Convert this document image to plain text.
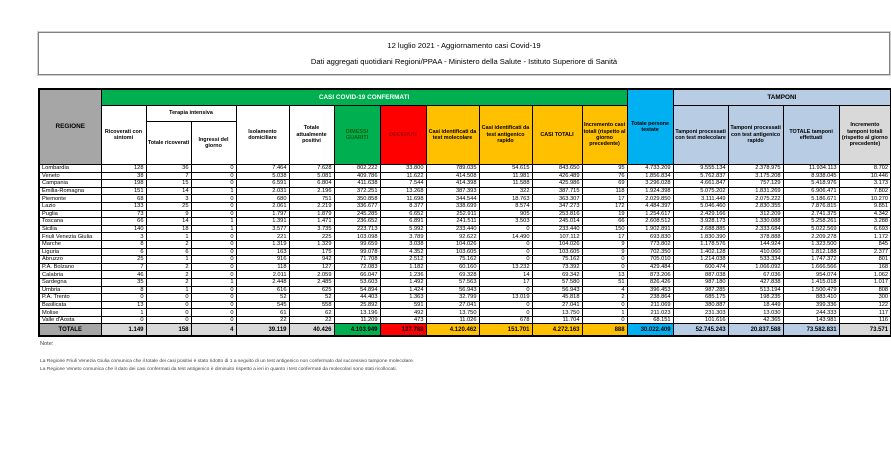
12 luglio 2021 - Aggiornamento casi Covid-19
Dati aggregati quotidiani Regioni/PPAA - Ministero della Salute - Istituto Superiore di Sanità
REGIONE	CASI COVID-19 CONFERMATI											Totale persone testate	TAMPONI			
	Ricoverati con sintomi	Terapia intensiva		Isolamento domiciliare	Totale attualmente positivi	DIMESSI GUARITI	DECEDUTI	Casi identificati da test molecolare	Casi identificati da test antigenico rapido	CASI TOTALI	Incremento casi totali (rispetto al giorno precedente)		Tamponi processati con test molecolare	Tamponi processati con test antigenico rapido	TOTALE tamponi effettuati	Incremento tamponi totali (rispetto al giorno precedente)
		Totale ricoverati	Ingressi del giorno													
Lombardia	128	36	0	7.464	7.628	802.222	33.800	789.035	54.615	843.650	95	4.733.209	9.555.134	2.378.975	11.934.113	8.702
Veneto	38	7	0	5.038	5.081	409.786	11.622	414.508	11.981	426.489	76	1.856.834	5.762.837	3.175.208	8.938.045	10.446
Campania	198	15	0	6.591	6.804	411.638	7.544	414.398	11.588	425.986	69	3.296.028	4.661.847	757.129	5.418.976	3.173
Emilia-Romagna	151	14	1	2.031	2.196	372.251	13.268	387.393	322	387.715	118	1.924.398	5.075.202	1.831.269	6.906.471	7.802
Piemonte	68	3	0	680	751	350.858	11.698	344.544	18.763	363.307	17	2.029.850	3.111.449	2.075.222	5.186.671	10.270
Lazio	133	25	0	2.061	2.219	336.677	8.377	338.699	8.574	347.273	172	4.484.397	5.046.460	2.830.355	7.876.815	9.851
Puglia	73	9	0	1.797	1.879	245.285	6.652	252.911	905	253.816	19	1.254.617	2.429.166	312.209	2.741.375	4.342
Toscana	66	14	1	1.391	1.471	236.652	6.891	241.511	3.503	245.014	66	2.608.512	3.928.173	1.330.088	5.258.261	3.288
Sicilia	140	18	1	3.577	3.735	223.713	5.992	233.440	0	233.440	150	1.902.891	2.688.885	2.333.684	5.022.569	6.693
Friuli Venezia Giulia	3	1	0	221	225	103.098	3.789	92.622	14.490	107.112	17	693.830	1.830.390	378.888	2.209.278	1.172
Marche	8	2	0	1.319	1.329	99.659	3.038	104.026	0	104.026	9	773.802	1.178.576	144.924	1.323.500	845
Liguria	6	6	0	163	175	99.078	4.352	103.605	0	103.605	9	702.350	1.402.128	410.060	1.812.188	2.377
Abruzzo	25	1	0	916	942	71.708	2.512	75.162	0	75.162	0	705.010	1.214.038	533.334	1.747.372	801
P.A. Bolzano	7	2	0	118	127	72.083	1.182	60.160	13.232	73.392	0	429.484	600.474	1.066.092	1.666.566	168
Calabria	46	2	0	2.011	2.059	66.047	1.236	69.328	14	69.342	13	873.206	887.038	67.036	954.074	1.062
Sardegna	35	2	1	2.448	2.485	53.603	1.492	57.563	17	57.580	51	826.426	987.180	427.838	1.415.018	1.017
Umbria	8	1	0	616	625	54.894	1.424	56.943	0	56.943	4	396.453	987.285	513.194	1.500.479	808
P.A. Trento	0	0	0	52	52	44.403	1.363	32.799	13.019	45.818	2	238.864	685.175	198.235	883.410	300
Basilicata	13	0	0	545	558	25.892	591	27.041	0	27.041	0	211.069	380.887	18.449	399.336	122
Molise	1	0	0	61	62	13.196	492	13.750	0	13.750	1	211.023	231.303	13.030	244.333	117
Valle d'Aosta	0	0	0	22	22	11.209	473	11.026	678	11.704	0	68.151	101.616	42.365	143.981	116
TOTALE	1.149	158	4	39.119	40.426	4.103.949	127.788	4.120.462	151.701	4.272.163	888	30.022.409	52.745.243	20.837.588	73.582.831	73.571
Note:
La Regione Friuli Venezia Giulia comunica che il totale dei casi positivi è stato ridotto di 1 a seguito di un test antigenico non confermato dal successivo tampone molecolare.
La Regione Veneto comunica che il dato dei casi confermati da test antigenico è diminuito rispetto a ieri in quanto i test confermati da molecolari sono stati ricollocati.
